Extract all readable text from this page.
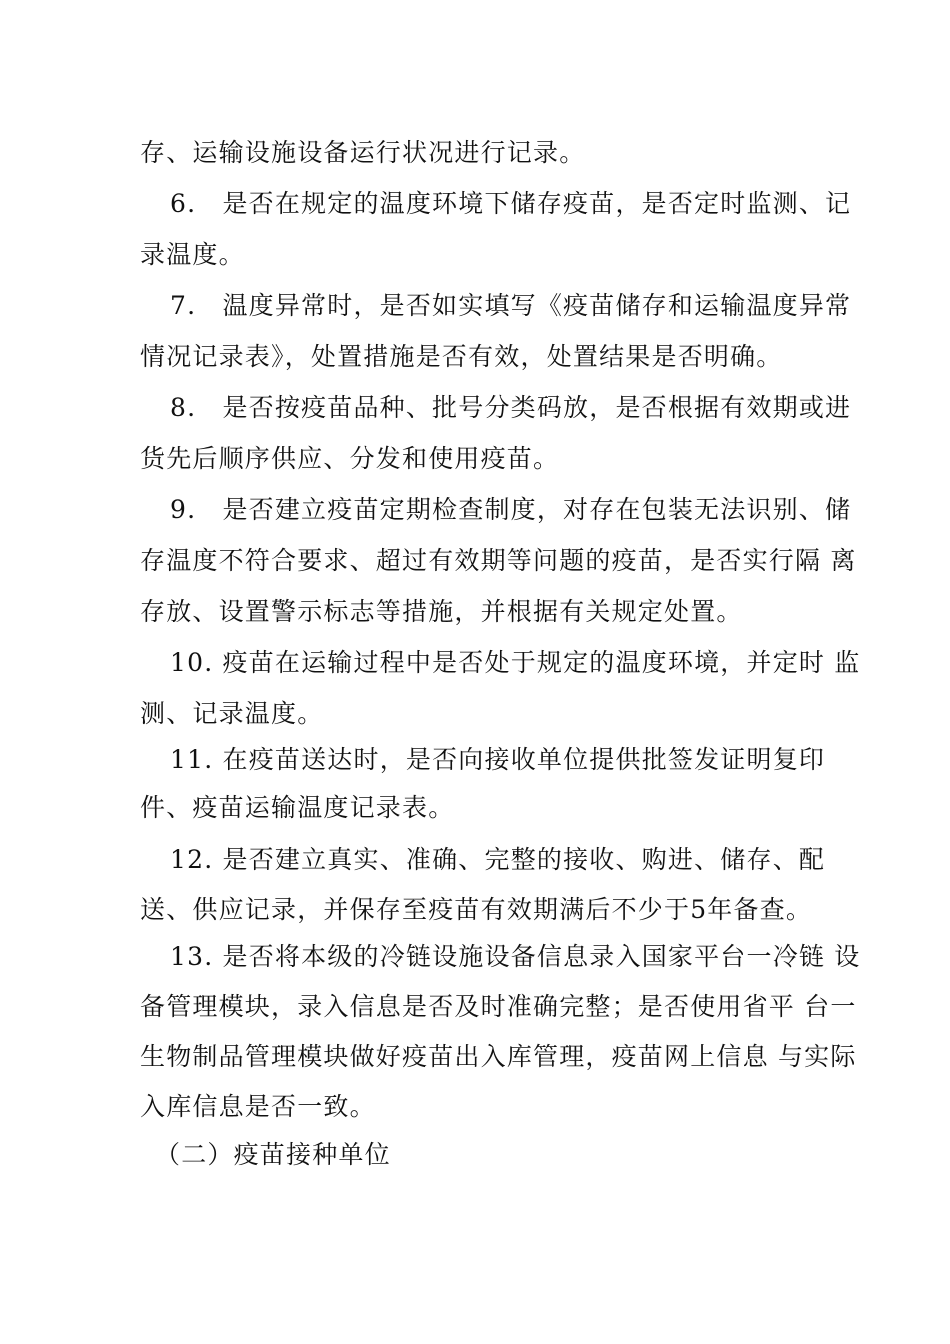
存、运输设施设备运行状况进行记录。
6.　是否在规定的温度环境下储存疫苗，是否定时监测、记
录温度。
7.　温度异常时，是否如实填写《疫苗储存和运输温度异常
情况记录表》，处置措施是否有效，处置结果是否明确。
8.　是否按疫苗品种、批号分类码放，是否根据有效期或进
货先后顺序供应、分发和使用疫苗。
9.　是否建立疫苗定期检查制度，对存在包装无法识别、储
存温度不符合要求、超过有效期等问题的疫苗，是否实行隔 离
存放、设置警示标志等措施，并根据有关规定处置。
10. 疫苗在运输过程中是否处于规定的温度环境，并定时 监
测、记录温度。
11. 在疫苗送达时，是否向接收单位提供批签发证明复印
件、疫苗运输温度记录表。
12. 是否建立真实、准确、完整的接收、购进、储存、配
送、供应记录，并保存至疫苗有效期满后不少于5年备查。
13. 是否将本级的冷链设施设备信息录入国家平台一冷链 设
备管理模块，录入信息是否及时准确完整；是否使用省平 台一
生物制品管理模块做好疫苗出入库管理，疫苗网上信息 与实际
入库信息是否一致。
（二）疫苗接种单位
